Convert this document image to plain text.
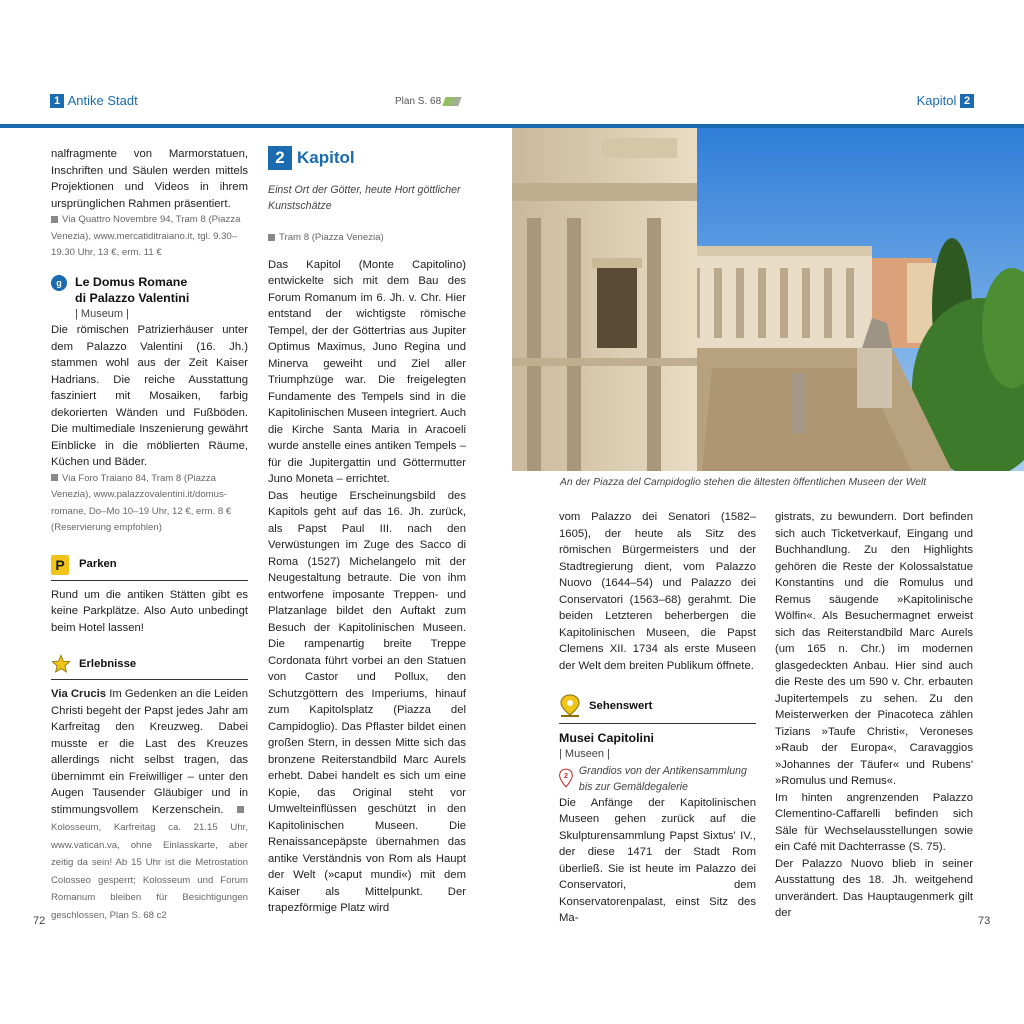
1 Antike Stadt	Plan S. 68	Kapitol 2

nalfragmente von Marmorstatuen, Inschriften und Säulen werden mittels Projektionen und Videos in ihrem ursprünglichen Rahmen präsentiert.

Via Quattro Novembre 94, Tram 8 (Piazza Venezia), www.mercatiditraiano.it, tgl. 9.30–19.30 Uhr, 13 €, erm. 11 €
g	Le Domus Romane
di Palazzo Valentini
| Museum |

Die römischen Patrizierhäuser unter dem Palazzo Valentini (16. Jh.) stammen wohl aus der Zeit Kaiser Hadrians. Die reiche Ausstattung fasziniert mit Mosaiken, farbig dekorierten Wänden und Fußböden. Die multimediale Inszenierung gewährt Einblicke in die möblierten Räume, Küchen und Bäder.

Via Foro Traiano 84, Tram 8 (Piazza Venezia), www.palazzovalentini.it/domus-romane, Do–Mo 10–19 Uhr, 12 €, erm. 8 € (Reservierung empfohlen)
P	Parken

Rund um die antiken Stätten gibt es keine Parkplätze. Also Auto unbedingt beim Hotel lassen!

Erlebnisse

Via Crucis Im Gedenken an die Leiden Christi begeht der Papst jedes Jahr am Karfreitag den Kreuzweg. Dabei musste er die Last des Kreuzes allerdings nicht selbst tragen, das übernimmt ein Freiwilliger – unter den Augen Tausender Gläubiger und in stimmungsvollem Kerzenschein. Kolosseum, Karfreitag ca. 21.15 Uhr, www.vatican.va, ohne Einlasskarte, aber zeitig da sein! Ab 15 Uhr ist die Metrostation Colosseo gesperrt; Kolosseum und Forum Romanum bleiben für Besichtigungen geschlossen, Plan S. 68 c2

2 Kapitol
Einst Ort der Götter, heute Hort göttlicher Kunstschätze
Tram 8 (Piazza Venezia)

Das Kapitol (Monte Capitolino) entwickelte sich mit dem Bau des Forum Romanum im 6. Jh. v. Chr. Hier entstand der wichtigste römische Tempel, der der Göttertrias aus Jupiter Optimus Maximus, Juno Regina und Minerva geweiht und Ziel aller Triumphzüge war. Die freigelegten Fundamente des Tempels sind in die Kapitolinischen Museen integriert. Auch die Kirche Santa Maria in Aracoeli wurde anstelle eines antiken Tempels – für die Jupitergattin und Göttermutter Juno Moneta – errichtet.

Das heutige Erscheinungsbild des Kapitols geht auf das 16. Jh. zurück, als Papst Paul III. nach den Verwüstungen im Zuge des Sacco di Roma (1527) Michelangelo mit der Neugestaltung betraute. Die von ihm entworfene imposante Treppen- und Platzanlage bildet den Auftakt zum Besuch der Kapitolinischen Museen. Die rampenartig breite Treppe Cordonata führt vorbei an den Statuen von Castor und Pollux, den Schutzgöttern des Imperiums, hinauf zum Kapitolsplatz (Piazza del Campidoglio). Das Pflaster bildet einen großen Stern, in dessen Mitte sich das bronzene Reiterstandbild Marc Aurels erhebt. Dabei handelt es sich um eine Kopie, das Original steht vor Umwelteinflüssen geschützt in den Kapitolinischen Museen. Die Renaissancepäpste übernahmen das antike Verständnis von Rom als Haupt der Welt (»caput mundi«) mit dem Kaiser als Mittelpunkt. Der trapezförmige Platz wird

An der Piazza del Campidoglio stehen die ältesten öffentlichen Museen der Welt

vom Palazzo dei Senatori (1582–1605), der heute als Sitz des römischen Bürgermeisters und der Stadtregierung dient, vom Palazzo Nuovo (1644–54) und Palazzo dei Conservatori (1563–68) gerahmt. Die beiden Letzteren beherbergen die Kapitolinischen Museen, die Papst Clemens XII. 1734 als erste Museen der Welt dem breiten Publikum öffnete.

Sehenswert
Musei Capitolini
| Museen |
2 Grandios von der Antikensammlung bis zur Gemäldegalerie

Die Anfänge der Kapitolinischen Museen gehen zurück auf die Skulpturensammlung Papst Sixtus' IV., der diese 1471 der Stadt Rom überließ. Sie ist heute im Palazzo dei Conservatori, dem Konservatorenpalast, einst Sitz des Ma-

gistrats, zu bewundern. Dort befinden sich auch Ticketverkauf, Eingang und Buchhandlung. Zu den Highlights gehören die Reste der Kolossalstatue Konstantins und die Romulus und Remus säugende »Kapitolinische Wölfin«. Als Besuchermagnet erweist sich das Reiterstandbild Marc Aurels (um 165 n. Chr.) im modernen glasgedeckten Anbau. Hier sind auch die Reste des um 590 v. Chr. erbauten Jupitertempels zu sehen. Zu den Meisterwerken der Pinacoteca zählen Tizians »Taufe Christi«, Veroneses »Raub der Europa«, Caravaggios »Johannes der Täufer« und Rubens' »Romulus und Remus«.

Im hinten angrenzenden Palazzo Clementino-Caffarelli befinden sich Säle für Wechselausstellungen sowie ein Café mit Dachterrasse (S. 75).

Der Palazzo Nuovo blieb in seiner Ausstattung des 18. Jh. weitgehend unverändert. Das Hauptaugenmerk gilt der

72	73
